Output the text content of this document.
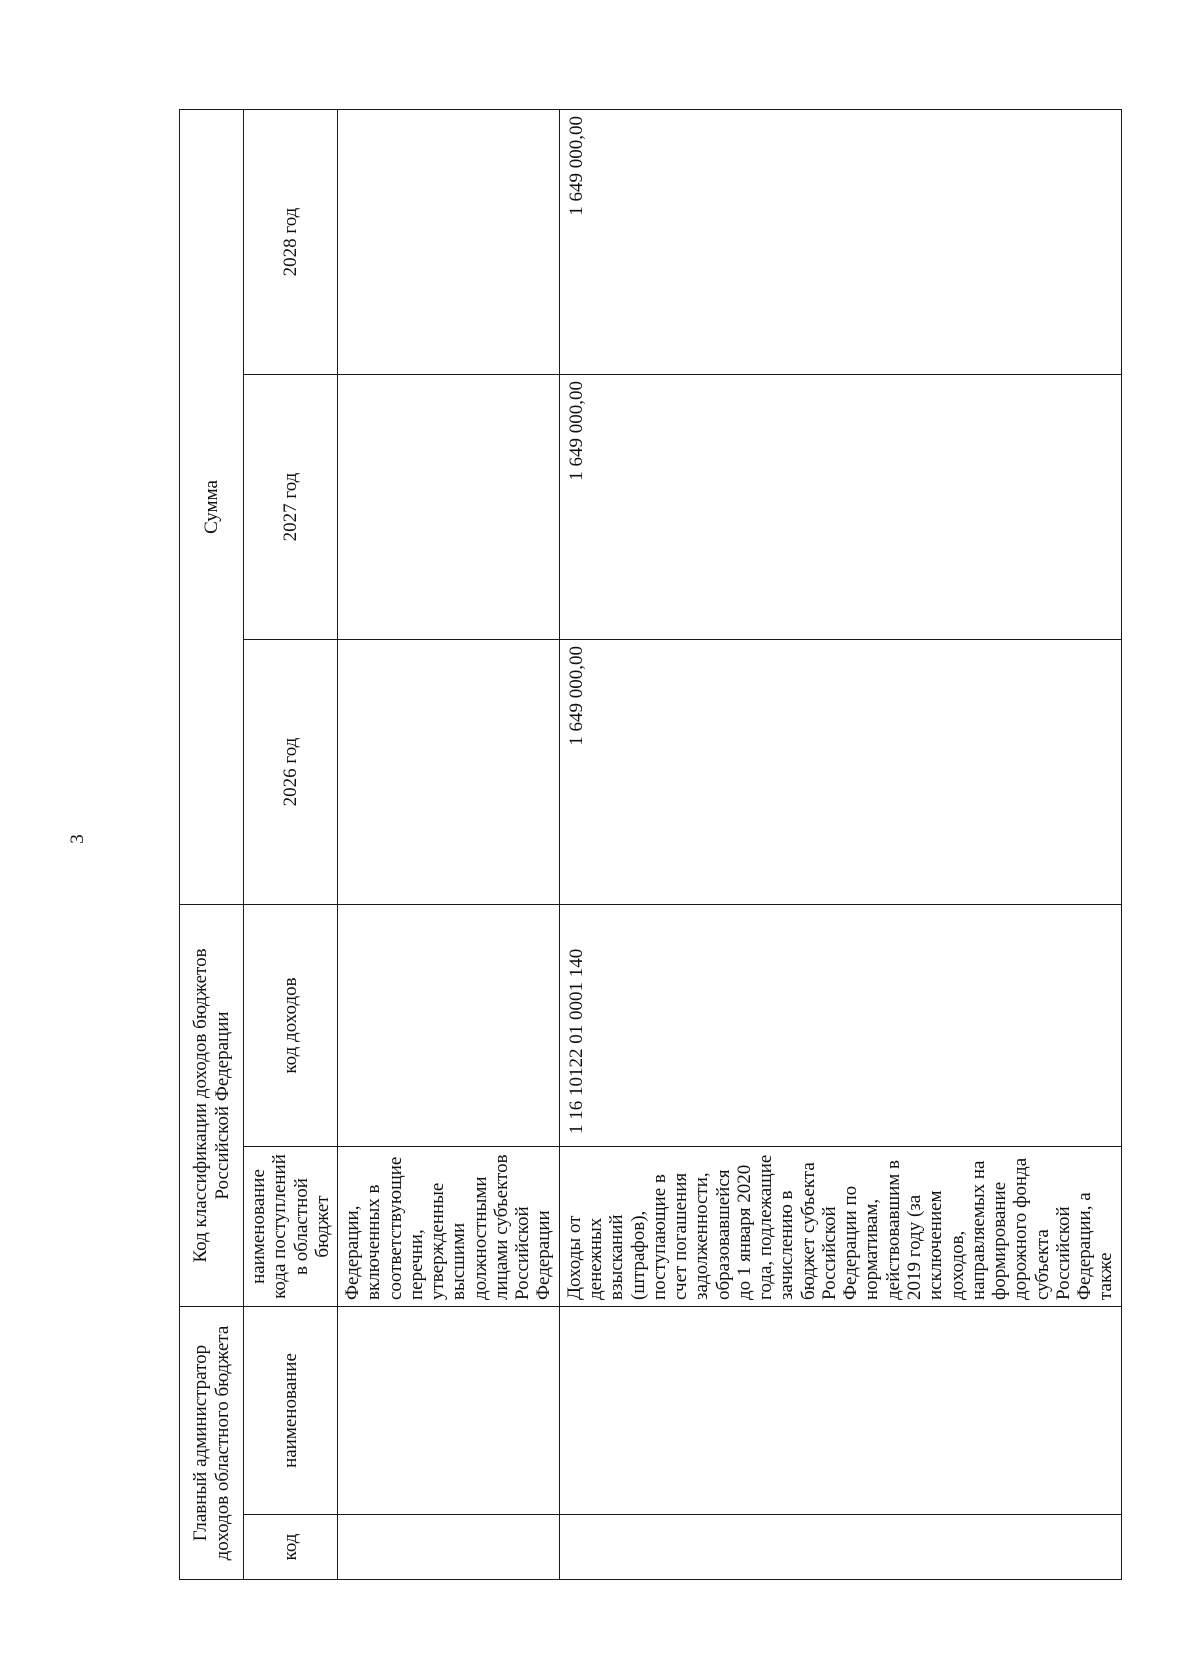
3
Главный администратор доходов областного бюджета		Код классификации доходов бюджетов Российской Федерации		Сумма		
код	наименование	наименование кода поступлений в областной бюджет	код доходов	2026 год	2027 год	2028 год
		Федерации, включенных в соответствующие перечни, утвержденные высшими должностными лицами субъектов Российской Федерации				
		Доходы от денежных взысканий (штрафов), поступающие в счет погашения задолженности, образовавшейся до 1 января 2020 года, подлежащие зачислению в бюджет субъекта Российской Федерации по нормативам, действовавшим в 2019 году (за исключением доходов, направляемых на формирование дорожного фонда субъекта Российской Федерации, а также	1 16 10122 01 0001 140	1 649 000,00	1 649 000,00	1 649 000,00
